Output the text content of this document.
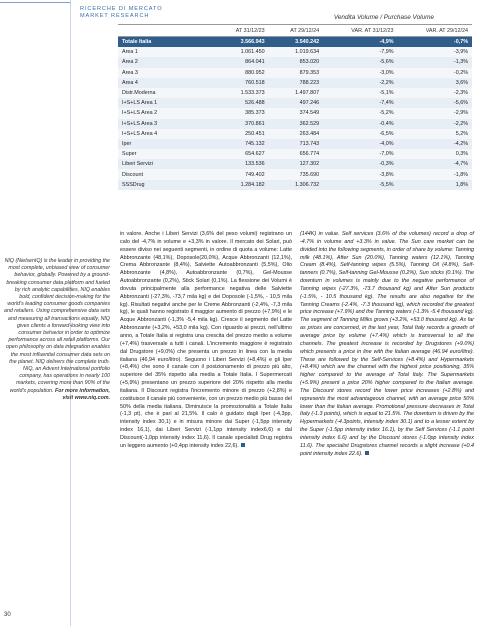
RICERCHE DI MERCATO
MARKET RESEARCH	Vendita Volume / Purchase Volume
	AT 31/12/23	AT 29/12/24	VAR. AT 31/12/23	VAR. AT 29/12/24
Totale Italia	3.566.943	3.540.242	-4,9%	-0,7%
Area 1	1.061.450	1.019.634	-7,9%	-3,9%
Area 2	864.041	853.020	-5,6%	-1,3%
Area 3	880.952	879.353	-3,0%	-0,2%
Area 4	760.518	788.223	-2,2%	3,6%
Distr.Moderna	1.533.373	1.497.807	-5,1%	-2,3%
I+S+LS Area 1	526.488	497.246	-7,4%	-5,6%
I+S+LS Area 2	385.373	374.549	-5,2%	-2,9%
I+S+LS Area 3	370.861	362.529	-0,4%	-2,2%
I+S+LS Area 4	250.451	263.484	-6,5%	5,2%
Iper	745.132	713.743	-4,0%	-4,2%
Super	654.627	656.774	-7,0%	0,3%
Liberi Servizi	133.536	127.302	-0,3%	-4,7%
Discount	749.402	735.690	-3,8%	-1,8%
SSSDrug	1.284.182	1.306.732	-5,5%	1,8%
NIQ (NielsenIQ) is the leader in providing the most complete, unbiased view of consumer behavior, globally. Powered by a ground-breaking consumer data platform and fueled by rich analytic capabilities, NIQ enables bold, confident decision-making for the world's leading consumer goods companies and retailers. Using comprehensive data sets and measuring all transactions equally, NIQ gives clients a forward-looking view into consumer behavior in order to optimize performance across all retail platforms. Our open philosophy on data integration enables the most influential consumer data sets on the planet. NIQ delivers the complete truth. NIQ, an Advent International portfolio company, has operations in nearly 100 markets, covering more than 90% of the world's population. For more information, visit www.niq.com.
in valore. Anche i Liberi Servizi (3,6% del peso volumi) registrano un calo del -4,7% in volume e +3,3% in valore. Il mercato dei Solari, può essere diviso nei seguenti segmenti, in ordine di quota a volume: Latte Abbronzante (48,1%), Doposole(20,0%), Acque Abbronzanti (12,1%), Crema Abbronzante (8,4%), Salviette Autoabbronzanti (5,5%), Olio Abbronzante (4,8%), Autoabbronzante (0,7%), Gel-Mousse Autoabbronzante (0,2%), Stick Solari (0,1%). La flessione dei Volumi è dovuta principalmente alla performance negativa delle Salviette Abbronzanti (-27,3%, -73,7 mila kg) e dei Doposole (-1,5%, - 10,5 mila kg). Risultati negativi anche per le Creme Abbronzanti (-2,4%, -7,3 mila kg), le quali hanno registrato il maggior aumento di prezzo (+7,9%) e le Acque Abbronzanti (-1,3% -5,4 mila kg). Cresce il segmento del Latte Abbronzante (+3,2%, +53,0 mila kg). Con riguardo ai prezzi, nell'ultimo anno, a Totale Italia si registra una crescita del prezzo medio a volume (+7,4%) trasversale a tutti i canali. L'incremento maggiore è registrato dal Drugstore (+9,0%) che presenta un prezzo in linea con la media italiana (46,94 euro/litro). Seguono i Liberi Servizi (+8,4%) e gli Iper (+8,4%) che sono il canale con il posizionamento di prezzo più alto, superiore del 35% rispetto alla media a Totale Italia. I Supermercati (+5,9%) presentano un prezzo superiore del 20% rispetto alla media italiana. Il Discount registra l'incremento minore di prezzo (+2,8%) e costituisce il canale più conveniente, con un prezzo medio più basso del 50% della media italiana. Diminuisce la promozionalità a Totale Italia (-1,3 pt), che è pari al 21,5%. Il calo è guidato dagli Iper (-4,3pp, intensity index 30,1) e in misura minore dai Super (-1,5pp intensity index 16,1), dai Liberi Servizi (-1,1pp intensity index6,6) e dal Discount(-1,0pp intensity index 11,6). Il canale specialisti Drug registra un leggero aumento (+0,4pp intensity index 22,6).
(144K) in value. Self services (3.6% of the volumes) record a drop of -4.7% in volume and +3.3% in value. The Sun care market can be divided into the following segments, in order of share by volume: Tanning milk (48.1%), After Sun (20.0%), Tanning waters (12.1%), Tanning Cream (8.4%), Self-tanning wipes (5.5%), Tanning Oil (4.8%), Self-tanners (0.7%), Self-tanning Gel-Mousse (0.2%), Sun sticks (0.1%). The downturn in volumes is mainly due to the negative performance of Tanning wipes (-27.3%, -73.7 thousand kg) and After Sun products (-1.5%, - 10.5 thousand kg). The results are also negative for the Tanning Creams (-2.4%, -7.3 thousand kg), which recorded the greatest price increase (+7.9%) and the Tanning waters (-1.3% -5.4 thousand kg). The segment of Tanning Milks grows (+3.2%, +53.0 thousand kg). As far as prices are concerned, in the last year, Total Italy records a growth of average price by volume (+7.4%) which is transversal to all the channels. The greatest increase is recorded by Drugstores (+9.0%) which presents a price in line with the Italian average (46.94 euro/litre). These are followed by the Self-Services (+8.4%) and Hypermarkets (+8.4%) which are the channel with the highest price positioning, 35% higher compared to the average of Total Italy. The Supermarkets (+5.9%) present a price 20% higher compared to the Italian average. The Discount stores record the lower price increases (+2.8%) and represents the most advantageous channel, with an average price 50% lower than the Italian average. Promotional pressure decreases in Total Italy (-1.3 points), which is equal to 21.5%. The downturn is driven by the Hypermarkets (-4.3points, intensity index 30.1) and to a lesser extent by the Super (-1.5pp intensity index 16.1), by the Self Services (-1.1 point intensity index 6.6) and by the Discount stores (-1.0pp intensity index 11.6). The specialist Drugstores channel records a slight increase (+0.4 point intensity index 22.6).
30
